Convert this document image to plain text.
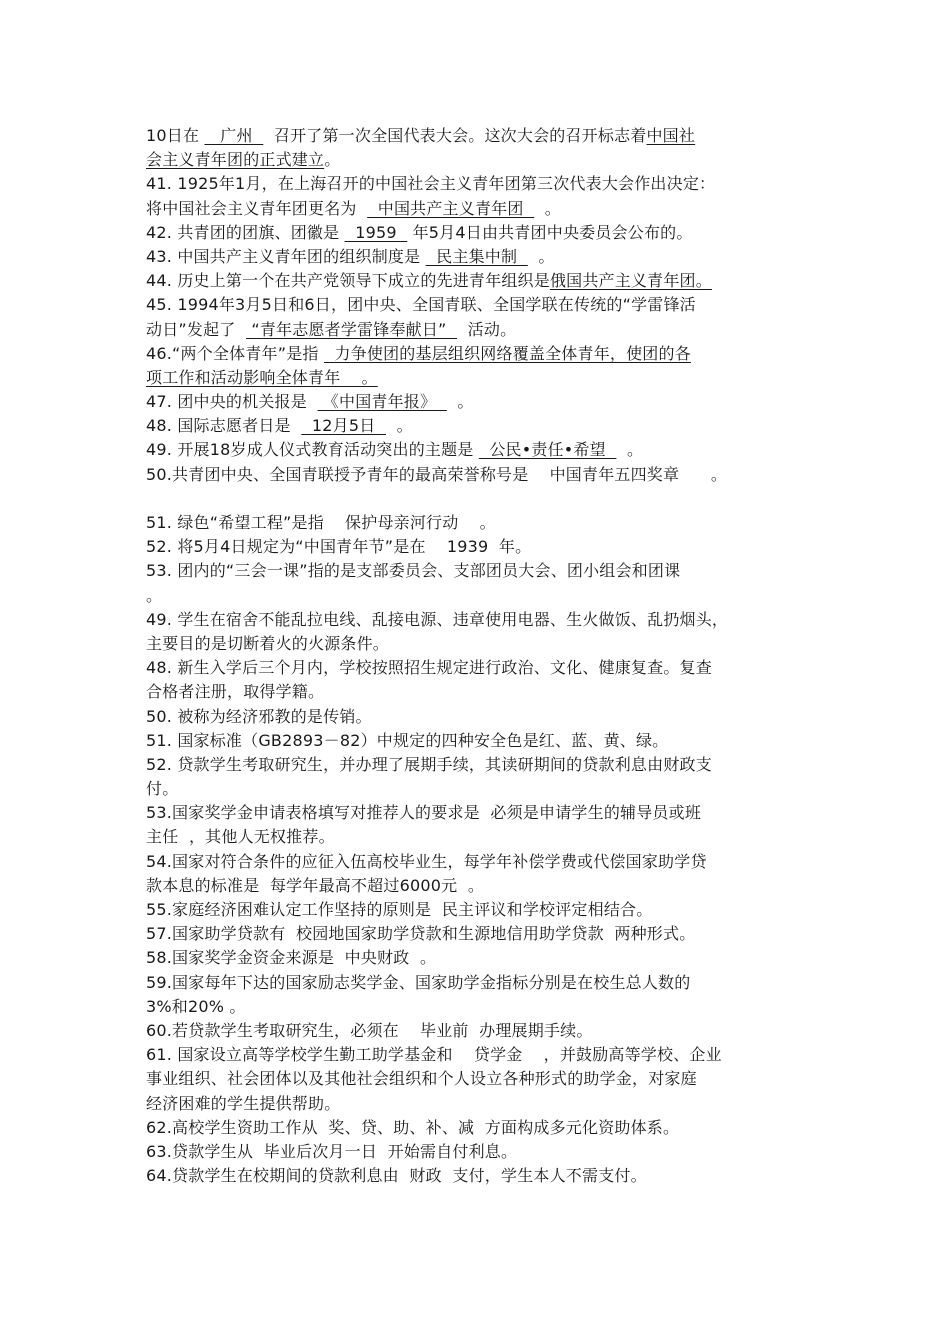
10日在    广州    召开了第一次全国代表大会。这次大会的召开标志着中国社
会主义青年团的正式建立。
41. 1925年1月，在上海召开的中国社会主义青年团第三次代表大会作出决定：
将中国社会主义青年团更名为    中国共产主义青年团    。
42. 共青团的团旗、团徽是   1959   年5月4日由共青团中央委员会公布的。
43. 中国共产主义青年团的组织制度是   民主集中制    。
44. 历史上第一个在共产党领导下成立的先进青年组织是俄国共产主义青年团。
45. 1994年3月5日和6日，团中央、全国青联、全国学联在传统的“学雷锋活
动日”发起了   “青年志愿者学雷锋奉献日”    活动。
46.“两个全体青年”是指   力争使团的基层组织网络覆盖全体青年，使团的各
项工作和活动影响全体青年    。
47. 团中央的机关报是   《中国青年报》    。
48. 国际志愿者日是    12月5日    。
49. 开展18岁成人仪式教育活动突出的主题是   公民•责任•希望    。
50.共青团中央、全国青联授予青年的最高荣誉称号是    中国青年五四奖章      。
51. 绿色“希望工程”是指    保护母亲河行动    。
52. 将5月4日规定为“中国青年节”是在    1939  年。
53. 团内的“三会一课”指的是支部委员会、支部团员大会、团小组会和团课
。
49. 学生在宿舍不能乱拉电线、乱接电源、违章使用电器、生火做饭、乱扔烟头，
主要目的是切断着火的火源条件。
48. 新生入学后三个月内，学校按照招生规定进行政治、文化、健康复查。复查
合格者注册，取得学籍。
50. 被称为经济邪教的是传销。
51. 国家标准（GB2893－82）中规定的四种安全色是红、蓝、黄、绿。
52. 贷款学生考取研究生，并办理了展期手续，其读研期间的贷款利息由财政支
付。
53.国家奖学金申请表格填写对推荐人的要求是  必须是申请学生的辅导员或班
主任  ，其他人无权推荐。
54.国家对符合条件的应征入伍高校毕业生，每学年补偿学费或代偿国家助学贷
款本息的标准是  每学年最高不超过6000元  。
55.家庭经济困难认定工作坚持的原则是  民主评议和学校评定相结合。
57.国家助学贷款有  校园地国家助学贷款和生源地信用助学贷款  两种形式。
58.国家奖学金资金来源是  中央财政  。
59.国家每年下达的国家励志奖学金、国家助学金指标分别是在校生总人数的
3%和20% 。
60.若贷款学生考取研究生，必须在    毕业前  办理展期手续。
61. 国家设立高等学校学生勤工助学基金和    贷学金    ，并鼓励高等学校、企业
事业组织、社会团体以及其他社会组织和个人设立各种形式的助学金，对家庭
经济困难的学生提供帮助。
62.高校学生资助工作从  奖、贷、助、补、减  方面构成多元化资助体系。
63.贷款学生从  毕业后次月一日  开始需自付利息。
64.贷款学生在校期间的贷款利息由  财政  支付，学生本人不需支付。
